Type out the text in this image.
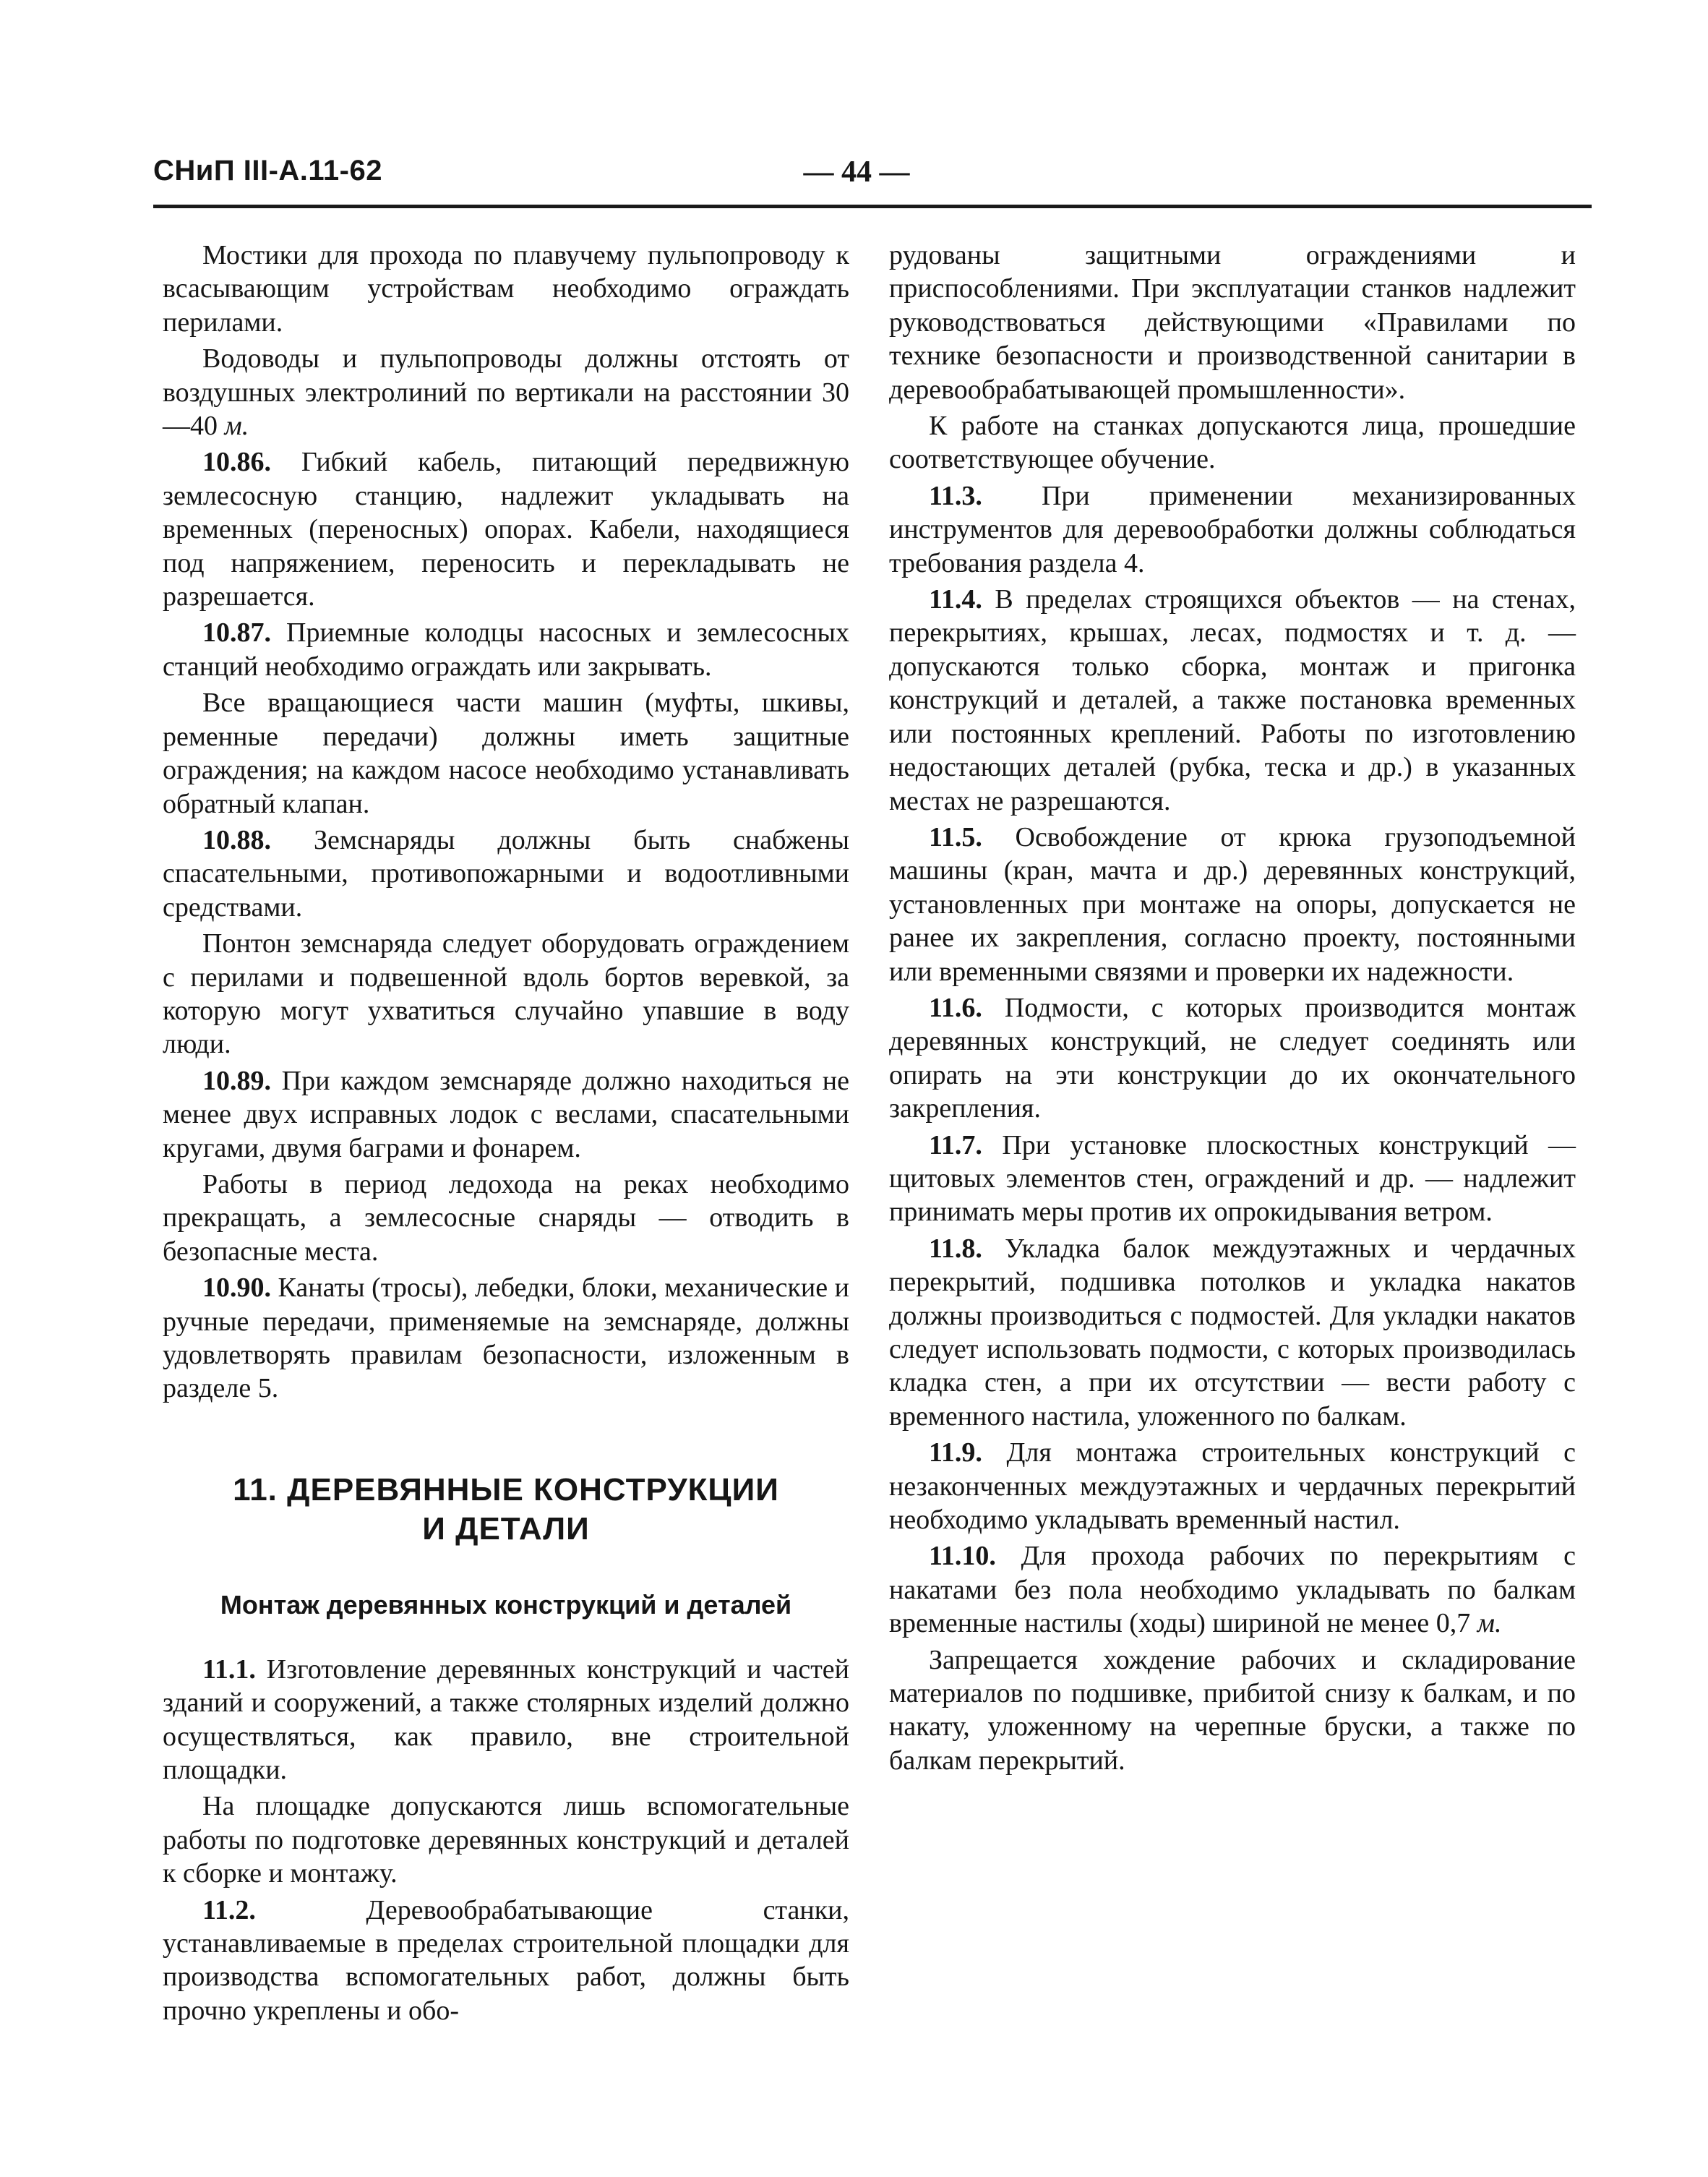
СНиП III-А.11-62	— 44 —

Мостики для прохода по плавучему пульпопроводу к всасывающим устройствам необходимо ограждать перилами.

Водоводы и пульпопроводы должны отстоять от воздушных электролиний по вертикали на расстоянии 30—40 м.

10.86. Гибкий кабель, питающий передвижную землесосную станцию, надлежит укладывать на временных (переносных) опорах. Кабели, находящиеся под напряжением, переносить и перекладывать не разрешается.

10.87. Приемные колодцы насосных и землесосных станций необходимо ограждать или закрывать.

Все вращающиеся части машин (муфты, шкивы, ременные передачи) должны иметь защитные ограждения; на каждом насосе необходимо устанавливать обратный клапан.

10.88. Земснаряды должны быть снабжены спасательными, противопожарными и водоотливными средствами.

Понтон земснаряда следует оборудовать ограждением с перилами и подвешенной вдоль бортов веревкой, за которую могут ухватиться случайно упавшие в воду люди.

10.89. При каждом земснаряде должно находиться не менее двух исправных лодок с веслами, спасательными кругами, двумя баграми и фонарем.

Работы в период ледохода на реках необходимо прекращать, а землесосные снаряды — отводить в безопасные места.

10.90. Канаты (тросы), лебедки, блоки, механические и ручные передачи, применяемые на земснаряде, должны удовлетворять правилам безопасности, изложенным в разделе 5.

11. ДЕРЕВЯННЫЕ КОНСТРУКЦИИ
И ДЕТАЛИ
Монтаж деревянных конструкций и деталей

11.1. Изготовление деревянных конструкций и частей зданий и сооружений, а также столярных изделий должно осуществляться, как правило, вне строительной площадки.

На площадке допускаются лишь вспомогательные работы по подготовке деревянных конструкций и деталей к сборке и монтажу.

11.2.	Деревообрабатывающие станки, устанавливаемые в пределах строительной площадки для производства вспомогательных работ, должны быть прочно укреплены и обо-

рудованы защитными ограждениями и приспособлениями. При эксплуатации станков надлежит руководствоваться действующими «Правилами по технике безопасности и производственной санитарии в деревообрабатывающей промышленности».

К работе на станках допускаются лица, прошедшие соответствующее обучение.

11.3. При применении механизированных инструментов для деревообработки должны соблюдаться требования раздела 4.

11.4. В пределах строящихся объектов — на стенах, перекрытиях, крышах, лесах, подмостях и т. д. — допускаются только сборка, монтаж и пригонка конструкций и деталей, а также постановка временных или постоянных креплений. Работы по изготовлению недостающих деталей (рубка, теска и др.) в указанных местах не разрешаются.

11.5. Освобождение от крюка грузоподъемной машины (кран, мачта и др.) деревянных конструкций, установленных при монтаже на опоры, допускается не ранее их закрепления, согласно проекту, постоянными или временными связями и проверки их надежности.

11.6. Подмости, с которых производится монтаж деревянных конструкций, не следует соединять или опирать на эти конструкции до их окончательного закрепления.

11.7. При установке плоскостных конструкций — щитовых элементов стен, ограждений и др. — надлежит принимать меры против их опрокидывания ветром.

11.8. Укладка балок междуэтажных и чердачных перекрытий, подшивка потолков и укладка накатов должны производиться с подмостей. Для укладки накатов следует использовать подмости, с которых производилась кладка стен, а при их отсутствии — вести работу с временного настила, уложенного по балкам.

11.9. Для монтажа строительных конструкций с незаконченных междуэтажных и чердачных перекрытий необходимо укладывать временный настил.

11.10. Для прохода рабочих по перекрытиям с накатами без пола необходимо укладывать по балкам временные настилы (ходы) шириной не менее 0,7 м.

Запрещается хождение рабочих и складирование материалов по подшивке, прибитой снизу к балкам, и по накату, уложенному на черепные бруски, а также по балкам перекрытий.
